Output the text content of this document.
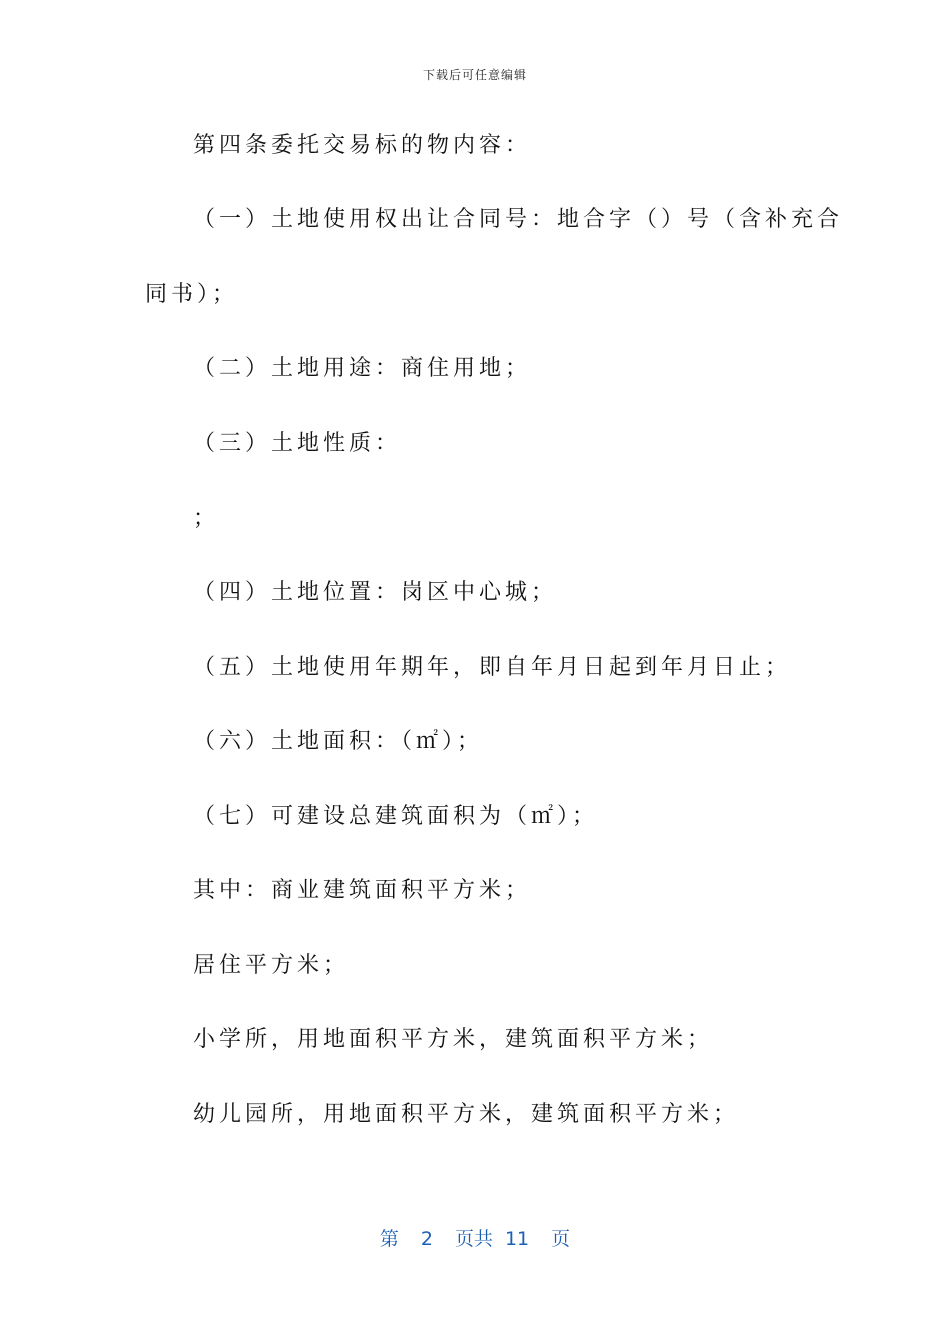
下载后可任意编辑
第四条委托交易标的物内容：
（一）土地使用权出让合同号：地合字（）号（含补充合
同书）；
（二）土地用途：商住用地；
（三）土地性质：
；
（四）土地位置：岗区中心城；
（五）土地使用年期年，即自年月日起到年月日止；
（六）土地面积：（㎡）；
（七）可建设总建筑面积为（㎡）；
其中：商业建筑面积平方米；
居住平方米；
小学所，用地面积平方米，建筑面积平方米；
幼儿园所，用地面积平方米，建筑面积平方米；
第 2 页共 11 页
